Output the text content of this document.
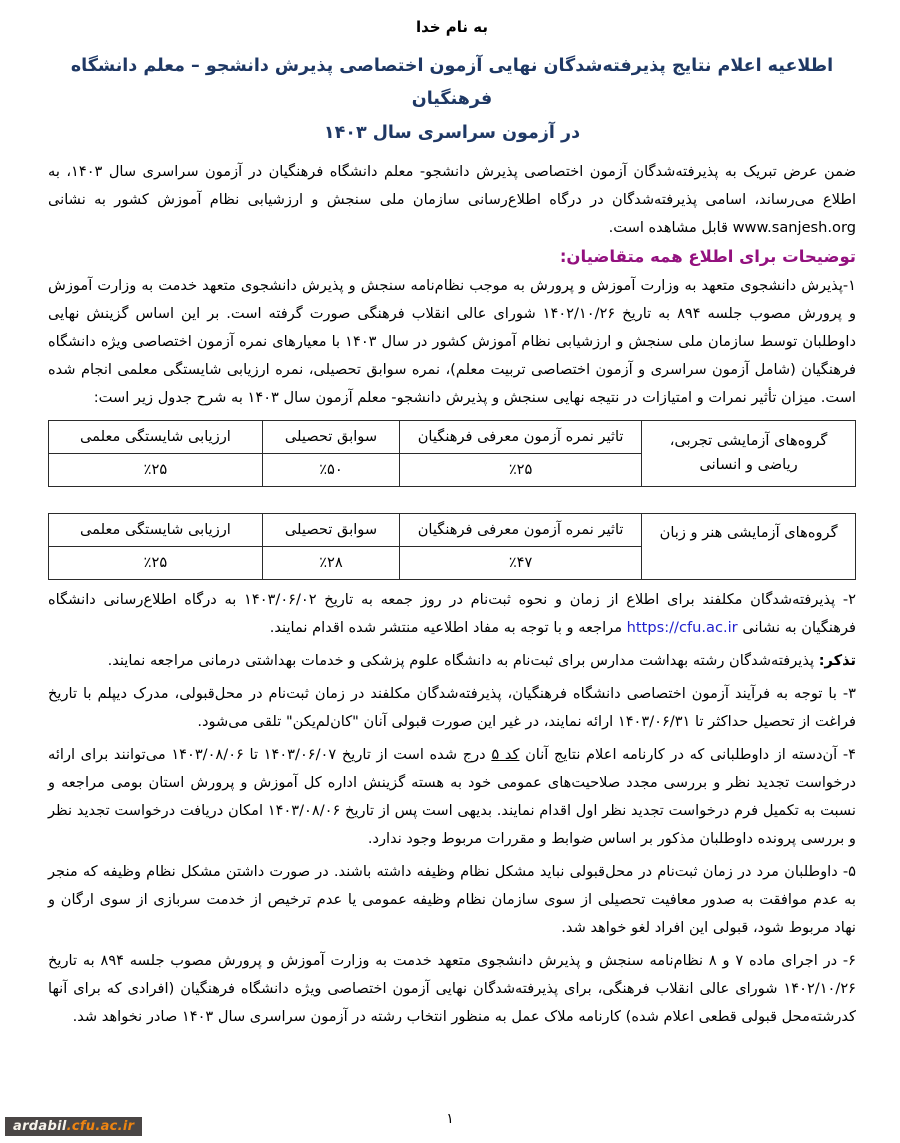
به نام خدا
اطلاعیه اعلام نتایج پذیرفته‌شدگان نهایی آزمون اختصاصی پذیرش دانشجو – معلم دانشگاه فرهنگیان
در آزمون سراسری سال ۱۴۰۳

ضمن عرض تبریک به پذیرفته‌شدگان آزمون اختصاصی پذیرش دانشجو- معلم دانشگاه فرهنگیان در آزمون سراسری سال ۱۴۰۳، به اطلاع می‌رساند، اسامی پذیرفته‌شدگان در درگاه اطلاع‌رسانی سازمان ملی سنجش و ارزشیابی نظام آموزش کشور به نشانی www.sanjesh.org قابل مشاهده است.

توضیحات برای اطلاع همه متقاضیان:

۱-پذیرش دانشجوی متعهد به وزارت آموزش و پرورش به موجب نظام‌نامه سنجش و پذیرش دانشجوی متعهد خدمت به وزارت آموزش و پرورش مصوب جلسه ۸۹۴ به تاریخ ۱۴۰۲/۱۰/۲۶ شورای عالی انقلاب فرهنگی صورت گرفته است. بر این اساس گزینش نهایی داوطلبان توسط سازمان ملی سنجش و ارزشیابی نظام آموزش کشور در سال ۱۴۰۳ با معیارهای نمره آزمون اختصاصی ویژه دانشگاه فرهنگیان (شامل آزمون سراسری و آزمون اختصاصی تربیت معلم)، نمره سوابق تحصیلی، نمره ارزیابی شایستگی معلمی انجام شده است. میزان تأثیر نمرات و امتیازات در نتیجه نهایی سنجش و پذیرش دانشجو- معلم آزمون سال ۱۴۰۳ به شرح جدول زیر است:

گروه‌های آزمایشی تجربی،
ریاضی و انسانی	تاثیر نمره آزمون معرفی فرهنگیان	سوابق تحصیلی	ارزیابی شایستگی معلمی
	٪۲۵	٪۵۰	٪۲۵
گروه‌های آزمایشی هنر و زبان	تاثیر نمره آزمون معرفی فرهنگیان	سوابق تحصیلی	ارزیابی شایستگی معلمی
	٪۴۷	٪۲۸	٪۲۵

۲- پذیرفته‌شدگان مکلفند برای اطلاع از زمان و نحوه ثبت‌نام در روز جمعه به تاریخ ۱۴۰۳/۰۶/۰۲ به درگاه اطلاع‌رسانی دانشگاه فرهنگیان به نشانی https://cfu.ac.ir مراجعه و با توجه به مفاد اطلاعیه منتشر شده اقدام نمایند.

تذکر: پذیرفته‌شدگان رشته بهداشت مدارس برای ثبت‌نام به دانشگاه علوم پزشکی و خدمات بهداشتی درمانی مراجعه نمایند.

۳- با توجه به فرآیند آزمون اختصاصی دانشگاه فرهنگیان، پذیرفته‌شدگان مکلفند در زمان ثبت‌نام در محل‌قبولی، مدرک دیپلم با تاریخ فراغت از تحصیل حداکثر تا ۱۴۰۳/۰۶/۳۱ ارائه نمایند، در غیر این صورت قبولی آنان "کان‌لم‌یکن" تلقی می‌شود.

۴- آن‌دسته از داوطلبانی که در کارنامه اعلام نتایج آنان کد ۵ درج شده است از تاریخ ۱۴۰۳/۰۶/۰۷ تا ۱۴۰۳/۰۸/۰۶ می‌توانند برای ارائه درخواست تجدید نظر و بررسی مجدد صلاحیت‌های عمومی خود به هسته گزینش اداره کل آموزش و پرورش استان بومی مراجعه و نسبت به تکمیل فرم درخواست تجدید نظر اول اقدام نمایند. بدیهی است پس از تاریخ ۱۴۰۳/۰۸/۰۶ امکان دریافت درخواست تجدید نظر و بررسی پرونده داوطلبان مذکور بر اساس ضوابط و مقررات مربوط وجود ندارد.

۵- داوطلبان مرد در زمان ثبت‌نام در محل‌قبولی نباید مشکل نظام وظیفه داشته باشند. در صورت داشتن مشکل نظام وظیفه که منجر به عدم موافقت به صدور معافیت تحصیلی از سوی سازمان نظام وظیفه عمومی یا عدم ترخیص از خدمت سربازی از سوی ارگان و نهاد مربوط شود، قبولی این افراد لغو خواهد شد.

۶- در اجرای ماده ۷ و ۸ نظام‌نامه سنجش و پذیرش دانشجوی متعهد خدمت به وزارت آموزش و پرورش مصوب جلسه ۸۹۴ به تاریخ ۱۴۰۲/۱۰/۲۶ شورای عالی انقلاب فرهنگی، برای پذیرفته‌شدگان نهایی آزمون اختصاصی ویژه دانشگاه فرهنگیان (افرادی که برای آنها کدرشته‌محل قبولی قطعی اعلام شده) کارنامه ملاک عمل به منظور انتخاب رشته در آزمون سراسری سال ۱۴۰۳ صادر نخواهد شد.

۱
ardabil.cfu.ac.ir
